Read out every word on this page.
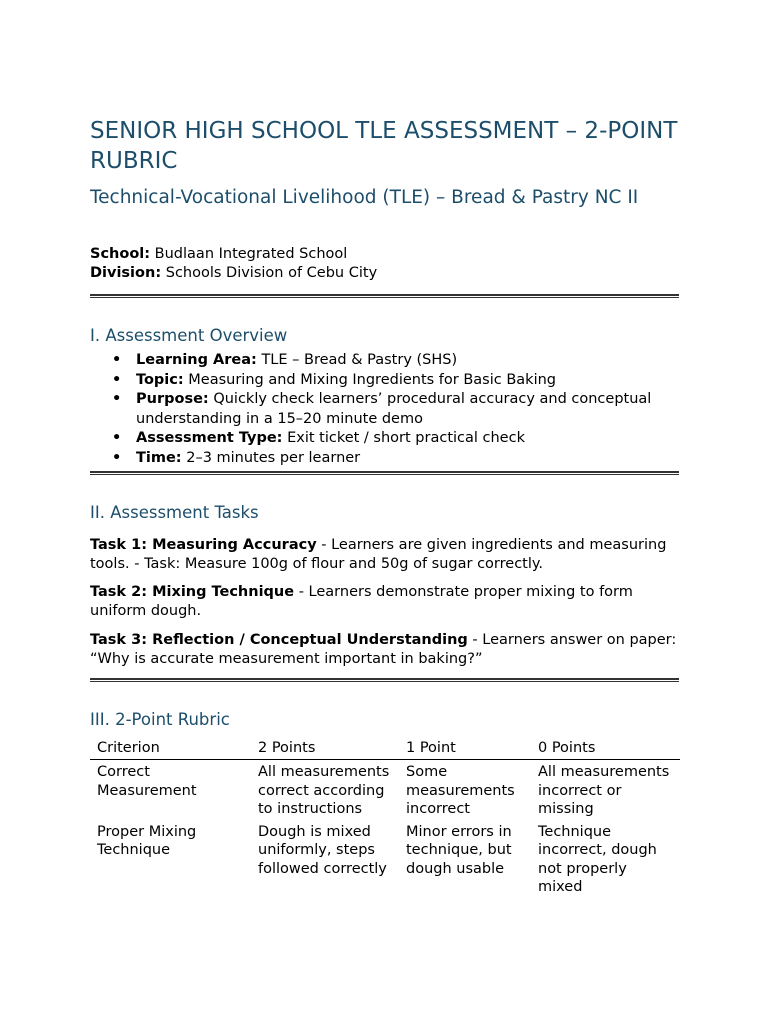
SENIOR HIGH SCHOOL TLE ASSESSMENT – 2-POINT RUBRIC
Technical-Vocational Livelihood (TLE) – Bread & Pastry NC II
School: Budlaan Integrated School
Division: Schools Division of Cebu City
I. Assessment Overview
• Learning Area: TLE – Bread & Pastry (SHS)
• Topic: Measuring and Mixing Ingredients for Basic Baking
• Purpose: Quickly check learners’ procedural accuracy and conceptual understanding in a 15–20 minute demo
• Assessment Type: Exit ticket / short practical check
• Time: 2–3 minutes per learner
II. Assessment Tasks

Task 1: Measuring Accuracy - Learners are given ingredients and measuring tools. - Task: Measure 100g of flour and 50g of sugar correctly.

Task 2: Mixing Technique - Learners demonstrate proper mixing to form uniform dough.

Task 3: Reflection / Conceptual Understanding - Learners answer on paper: “Why is accurate measurement important in baking?”

III. 2-Point Rubric
Criterion	2 Points	1 Point	0 Points
Correct Measurement	All measurements correct according to instructions	Some measurements incorrect	All measurements incorrect or missing
Proper Mixing Technique	Dough is mixed uniformly, steps followed correctly	Minor errors in technique, but dough usable	Technique incorrect, dough not properly mixed
